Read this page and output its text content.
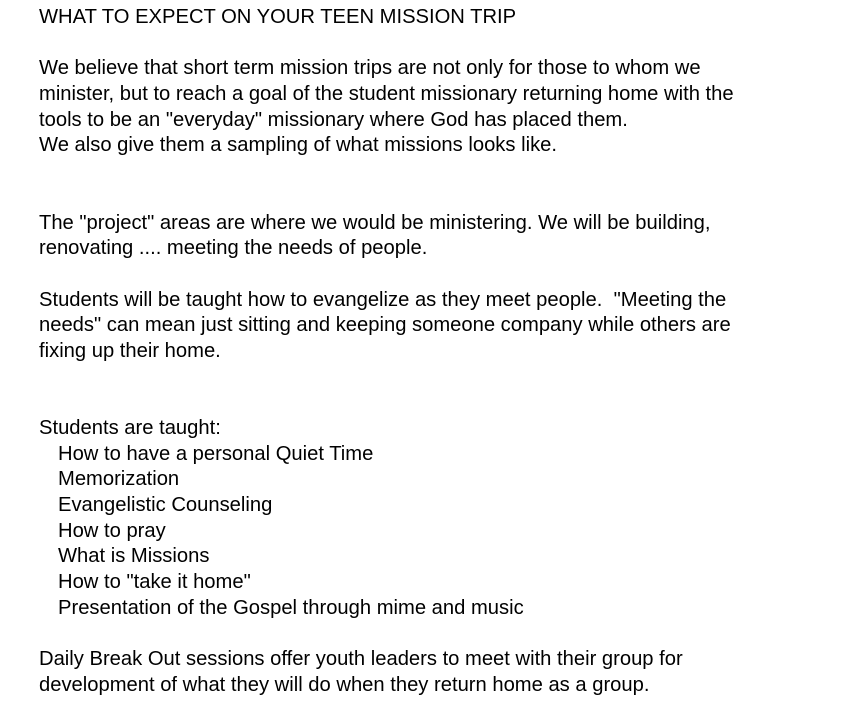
WHAT TO EXPECT ON YOUR TEEN MISSION TRIP
We believe that short term mission trips are not only for those to whom we
minister, but to reach a goal of the student missionary returning home with the
tools to be an "everyday" missionary where God has placed them.
We also give them a sampling of what missions looks like.
The "project" areas are where we would be ministering. We will be building,
renovating .... meeting the needs of people.
Students will be taught how to evangelize as they meet people.  "Meeting the
needs" can mean just sitting and keeping someone company while others are
fixing up their home.
Students are taught:
How to have a personal Quiet Time
Memorization
Evangelistic Counseling
How to pray
What is Missions
How to "take it home"
Presentation of the Gospel through mime and music
Daily Break Out sessions offer youth leaders to meet with their group for
development of what they will do when they return home as a group.
